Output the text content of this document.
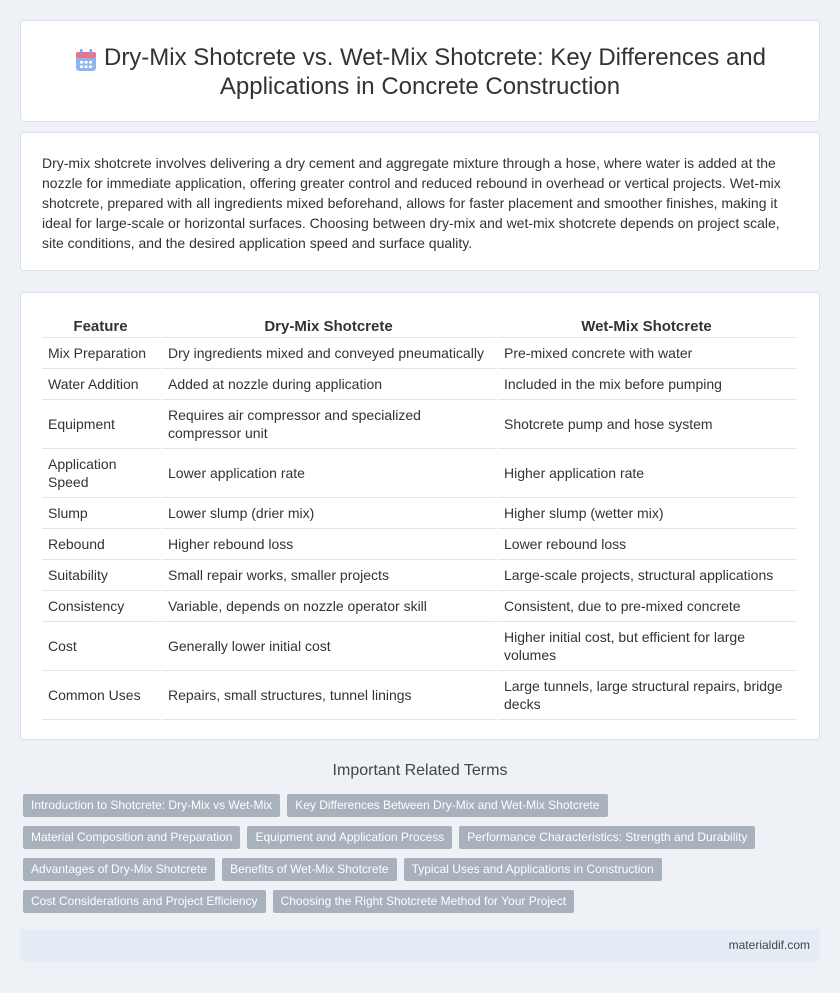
Dry-Mix Shotcrete vs. Wet-Mix Shotcrete: Key Differences and
Applications in Concrete Construction

Dry-mix shotcrete involves delivering a dry cement and aggregate mixture through a hose, where water is added at the nozzle for immediate application, offering greater control and reduced rebound in overhead or vertical projects. Wet-mix shotcrete, prepared with all ingredients mixed beforehand, allows for faster placement and smoother finishes, making it ideal for large-scale or horizontal surfaces. Choosing between dry-mix and wet-mix shotcrete depends on project scale, site conditions, and the desired application speed and surface quality.

Feature	Dry-Mix Shotcrete	Wet-Mix Shotcrete
Mix Preparation	Dry ingredients mixed and conveyed pneumatically	Pre-mixed concrete with water
Water Addition	Added at nozzle during application	Included in the mix before pumping
Equipment	Requires air compressor and specialized compressor unit	Shotcrete pump and hose system
Application Speed	Lower application rate	Higher application rate
Slump	Lower slump (drier mix)	Higher slump (wetter mix)
Rebound	Higher rebound loss	Lower rebound loss
Suitability	Small repair works, smaller projects	Large-scale projects, structural applications
Consistency	Variable, depends on nozzle operator skill	Consistent, due to pre-mixed concrete
Cost	Generally lower initial cost	Higher initial cost, but efficient for large volumes
Common Uses	Repairs, small structures, tunnel linings	Large tunnels, large structural repairs, bridge decks
Important Related Terms
Introduction to Shotcrete: Dry-Mix vs Wet-Mix	Key Differences Between Dry-Mix and Wet-Mix Shotcrete
Material Composition and Preparation	Equipment and Application Process	Performance Characteristics: Strength and Durability
Advantages of Dry-Mix Shotcrete	Benefits of Wet-Mix Shotcrete	Typical Uses and Applications in Construction
Cost Considerations and Project Efficiency	Choosing the Right Shotcrete Method for Your Project
materialdif.com
